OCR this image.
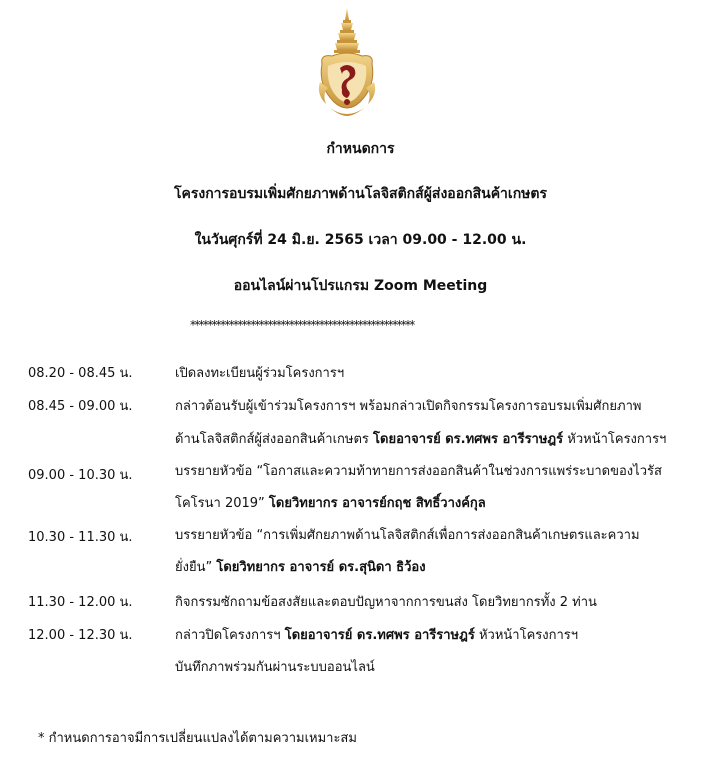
กำหนดการ
โครงการอบรมเพิ่มศักยภาพด้านโลจิสติกส์ผู้ส่งออกสินค้าเกษตร
ในวันศุกร์ที่ 24 มิ.ย. 2565 เวลา 09.00 - 12.00 น.
ออนไลน์ผ่านโปรแกรม Zoom Meeting
****************************************************
08.20 - 08.45 น.	เปิดลงทะเบียนผู้ร่วมโครงการฯ
08.45 - 09.00 น.	กล่าวต้อนรับผู้เข้าร่วมโครงการฯ พร้อมกล่าวเปิดกิจกรรมโครงการอบรมเพิ่มศักยภาพ
ด้านโลจิสติกส์ผู้ส่งออกสินค้าเกษตร โดยอาจารย์ ดร.ทศพร อารีราษฎร์ หัวหน้าโครงการฯ
09.00 - 10.30 น.	บรรยายหัวข้อ “โอกาสและความท้าทายการส่งออกสินค้าในช่วงการแพร่ระบาดของไวรัส
โคโรนา 2019” โดยวิทยากร อาจารย์กฤช สิทธิ์วางค์กุล
10.30 - 11.30 น.	บรรยายหัวข้อ “การเพิ่มศักยภาพด้านโลจิสติกส์เพื่อการส่งออกสินค้าเกษตรและความ
ยั่งยืน” โดยวิทยากร อาจารย์ ดร.สุนิดา ธิว้อง
11.30 - 12.00 น.	กิจกรรมซักถามข้อสงสัยและตอบปัญหาจากการขนส่ง โดยวิทยากรทั้ง 2 ท่าน
12.00 - 12.30 น.	กล่าวปิดโครงการฯ โดยอาจารย์ ดร.ทศพร อารีราษฎร์ หัวหน้าโครงการฯ
บันทึกภาพร่วมกันผ่านระบบออนไลน์
* กำหนดการอาจมีการเปลี่ยนแปลงได้ตามความเหมาะสม
